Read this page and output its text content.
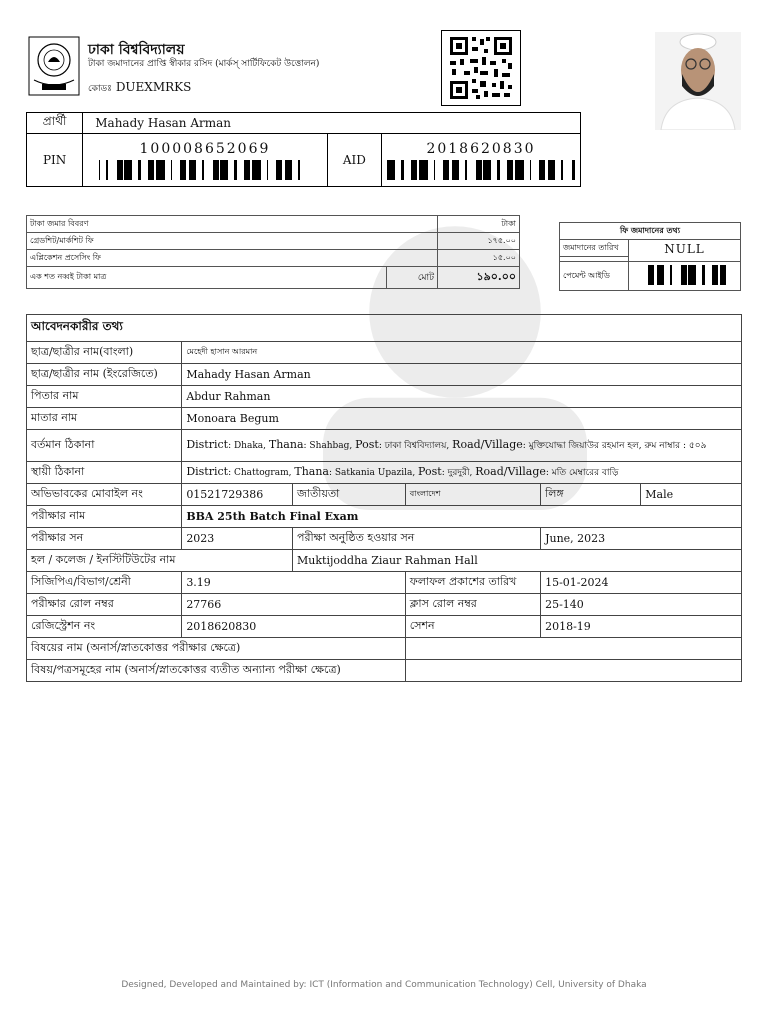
ঢাকা বিশ্ববিদ্যালয়
টাকা জমাদানের প্রাপ্তি স্বীকার রসিদ (মার্কস্ সার্টিফিকেট উত্তোলন)
কোডঃ DUEXMRKS
প্রার্থী	Mahady Hasan Arman		
PIN	100008652069	AID	2018620830
টাকা জমার বিবরণ		টাকা
গ্রেডশিট/মার্কশিট ফি		১৭৫.০০
এপ্লিকেশন প্রসেসিং ফি		১৫.০০
এক শত নব্বই টাকা মাত্র	মোট	১৯০.০০
ফি জমাদানের তথ্য	
জমাদানের তারিখ	NULL

পেমেন্ট আইডি	
আবেদনকারীর তথ্য					
ছাত্র/ছাত্রীর নাম(বাংলা)	মেহেদী হাসান আরমান				
ছাত্র/ছাত্রীর নাম (ইংরেজিতে)	Mahady Hasan Arman				
পিতার নাম	Abdur Rahman				
মাতার নাম	Monoara Begum				
বর্তমান ঠিকানা	District: Dhaka, Thana: Shahbag, Post: ঢাকা বিশ্ববিদ্যালয়, Road/Village: মুক্তিযোদ্ধা জিয়াউর রহমান হল, রুম নাম্বার : ৫০৯				
স্থায়ী ঠিকানা	District: Chattogram, Thana: Satkania Upazila, Post: দুরদুরী, Road/Village: মতি মেম্বারের বাড়ি				
অভিভাবকের মোবাইল নং	01521729386	জাতীয়তা	বাংলাদেশ	লিঙ্গ	Male
পরীক্ষার নাম	BBA 25th Batch Final Exam				
পরীক্ষার সন	2023	পরীক্ষা অনুষ্ঠিত হওয়ার সন		June, 2023	
হল / কলেজ / ইনস্টিটিউটের নাম		Muktijoddha Ziaur Rahman Hall			
সিজিপিএ/বিভাগ/শ্রেনী	3.19		ফলাফল প্রকাশের তারিখ	15-01-2024	
পরীক্ষার রোল নম্বর	27766		ক্লাস রোল নম্বর	25-140	
রেজিস্ট্রেশন নং	2018620830		সেশন	2018-19	
বিষয়ের নাম (অনার্স/স্নাতকোত্তর পরীক্ষার ক্ষেত্রে)					
বিষয়/পত্রসমূহের নাম (অনার্স/স্নাতকোত্তর ব্যতীত অন্যান্য পরীক্ষা ক্ষেত্রে)					
Designed, Developed and Maintained by: ICT (Information and Communication Technology) Cell, University of Dhaka
